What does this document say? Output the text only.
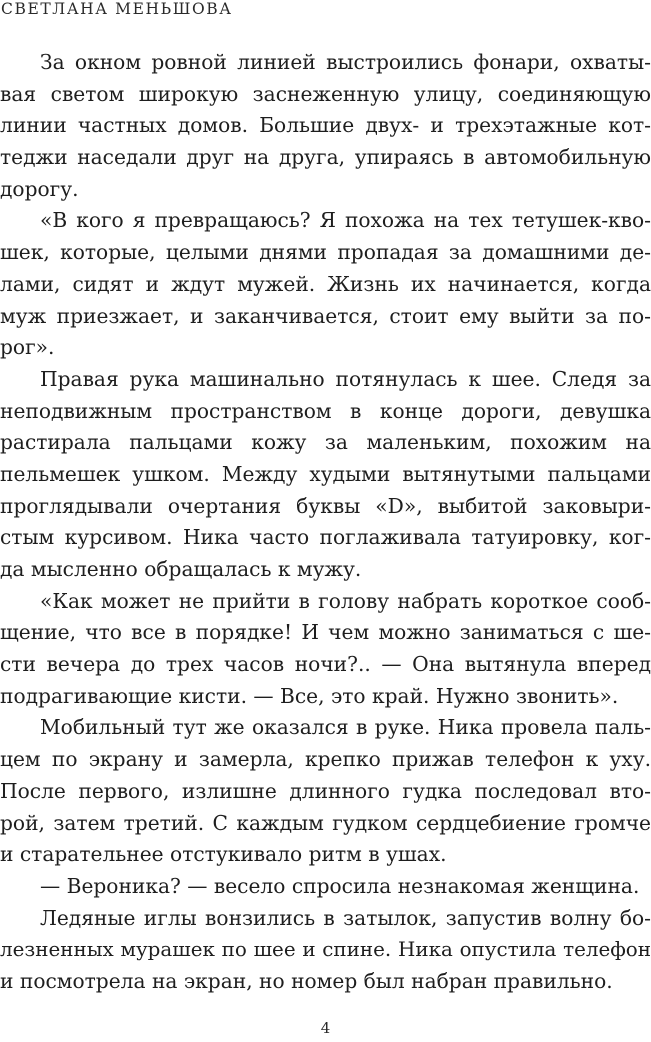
СВЕТЛАНА МЕНЬШОВА
За окном ровной линией выстроились фонари, охваты-
вая светом широкую заснеженную улицу, соединяющую
линии частных домов. Большие двух- и трехэтажные кот-
теджи наседали друг на друга, упираясь в автомобильную
дорогу.
«В кого я превращаюсь? Я похожа на тех тетушек-кво-
шек, которые, целыми днями пропадая за домашними де-
лами, сидят и ждут мужей. Жизнь их начинается, когда
муж приезжает, и заканчивается, стоит ему выйти за по-
рог».
Правая рука машинально потянулась к шее. Следя за
неподвижным пространством в конце дороги, девушка
растирала пальцами кожу за маленьким, похожим на
пельмешек ушком. Между худыми вытянутыми пальцами
проглядывали очертания буквы «D», выбитой заковыри-
стым курсивом. Ника часто поглаживала татуировку, ког-
да мысленно обращалась к мужу.
«Как может не прийти в голову набрать короткое сооб-
щение, что все в порядке! И чем можно заниматься с ше-
сти вечера до трех часов ночи?.. — Она вытянула вперед
подрагивающие кисти. — Все, это край. Нужно звонить».
Мобильный тут же оказался в руке. Ника провела паль-
цем по экрану и замерла, крепко прижав телефон к уху.
После первого, излишне длинного гудка последовал вто-
рой, затем третий. С каждым гудком сердцебиение громче
и старательнее отстукивало ритм в ушах.
— Вероника? — весело спросила незнакомая женщина.
Ледяные иглы вонзились в затылок, запустив волну бо-
лезненных мурашек по шее и спине. Ника опустила телефон
и посмотрела на экран, но номер был набран правильно.
4
